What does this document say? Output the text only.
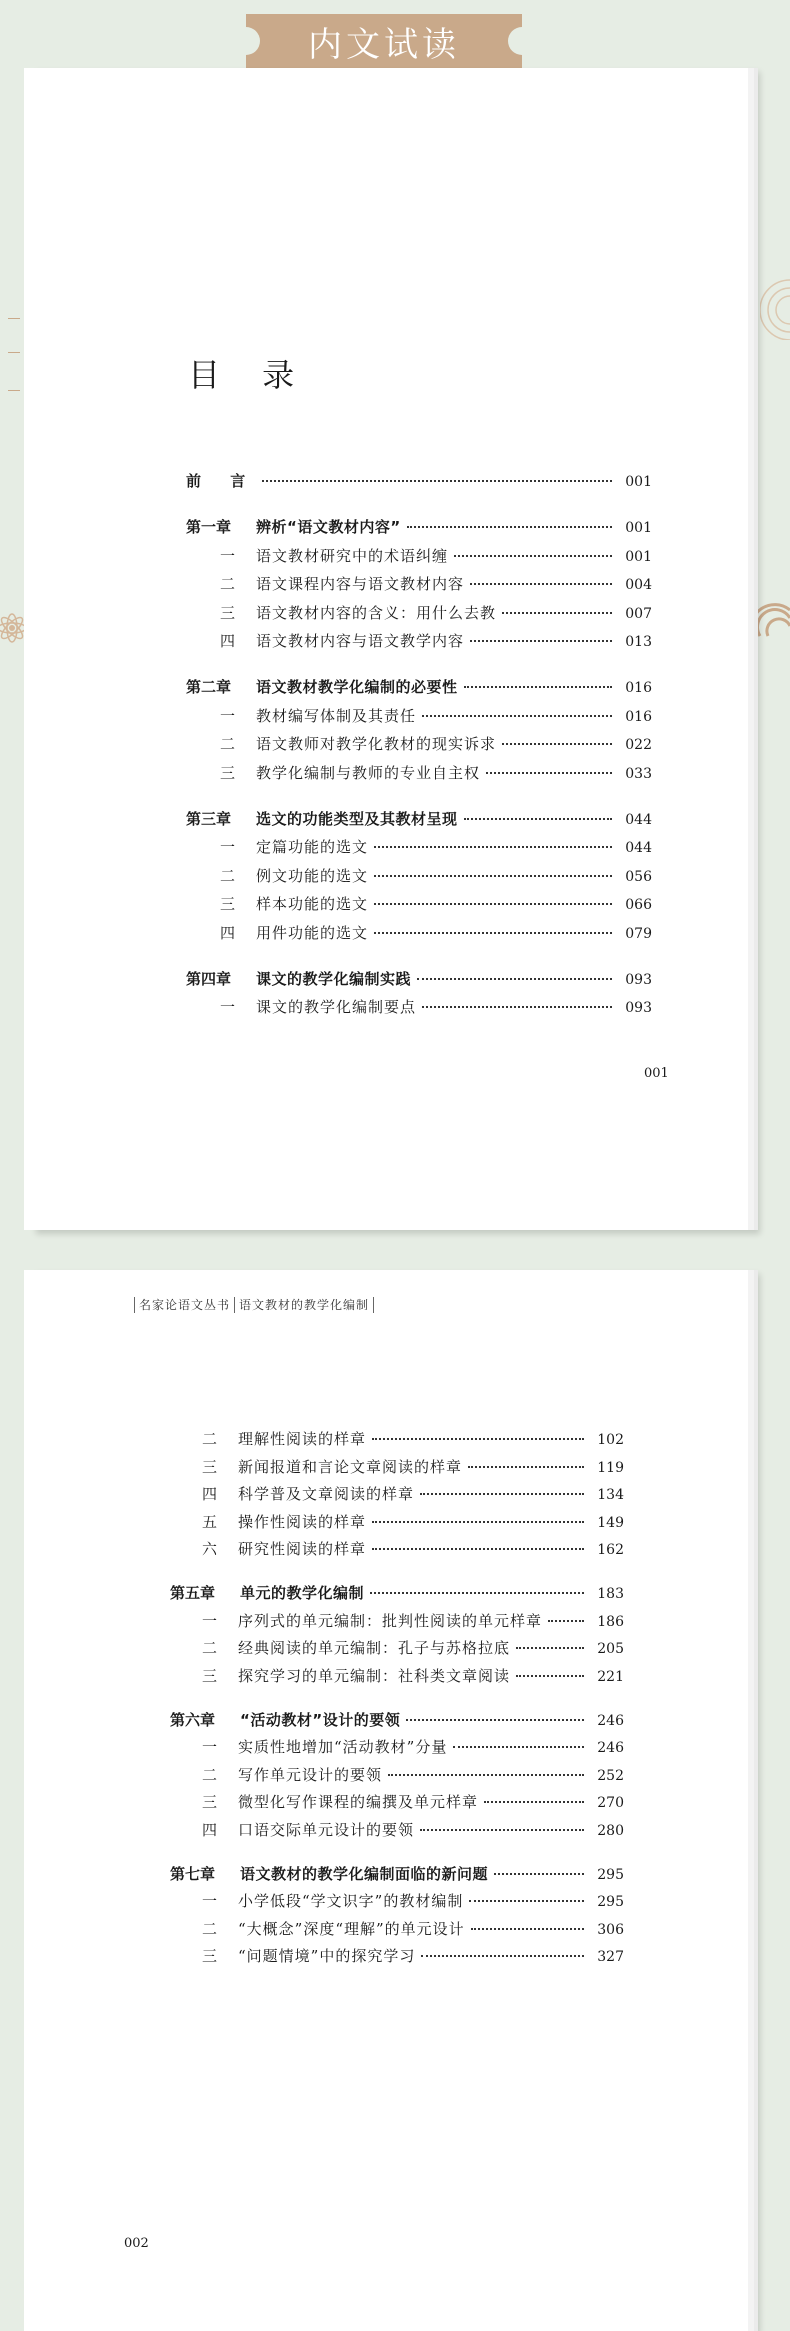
内文试读
目 录
前 言	001
第一章	辨析“语文教材内容”	001
一	语文教材研究中的术语纠缠	001
二	语文课程内容与语文教材内容	004
三	语文教材内容的含义：用什么去教	007
四	语文教材内容与语文教学内容	013
第二章	语文教材教学化编制的必要性	016
一	教材编写体制及其责任	016
二	语文教师对教学化教材的现实诉求	022
三	教学化编制与教师的专业自主权	033
第三章	选文的功能类型及其教材呈现	044
一	定篇功能的选文	044
二	例文功能的选文	056
三	样本功能的选文	066
四	用件功能的选文	079
第四章	课文的教学化编制实践	093
一	课文的教学化编制要点	093
001
名家论语文丛书 语文教材的教学化编制
二	理解性阅读的样章	102
三	新闻报道和言论文章阅读的样章	119
四	科学普及文章阅读的样章	134
五	操作性阅读的样章	149
六	研究性阅读的样章	162
第五章	单元的教学化编制	183
一	序列式的单元编制：批判性阅读的单元样章	186
二	经典阅读的单元编制：孔子与苏格拉底	205
三	探究学习的单元编制：社科类文章阅读	221
第六章	“活动教材”设计的要领	246
一	实质性地增加“活动教材”分量	246
二	写作单元设计的要领	252
三	微型化写作课程的编撰及单元样章	270
四	口语交际单元设计的要领	280
第七章	语文教材的教学化编制面临的新问题	295
一	小学低段“学文识字”的教材编制	295
二	“大概念”深度“理解”的单元设计	306
三	“问题情境”中的探究学习	327
002
